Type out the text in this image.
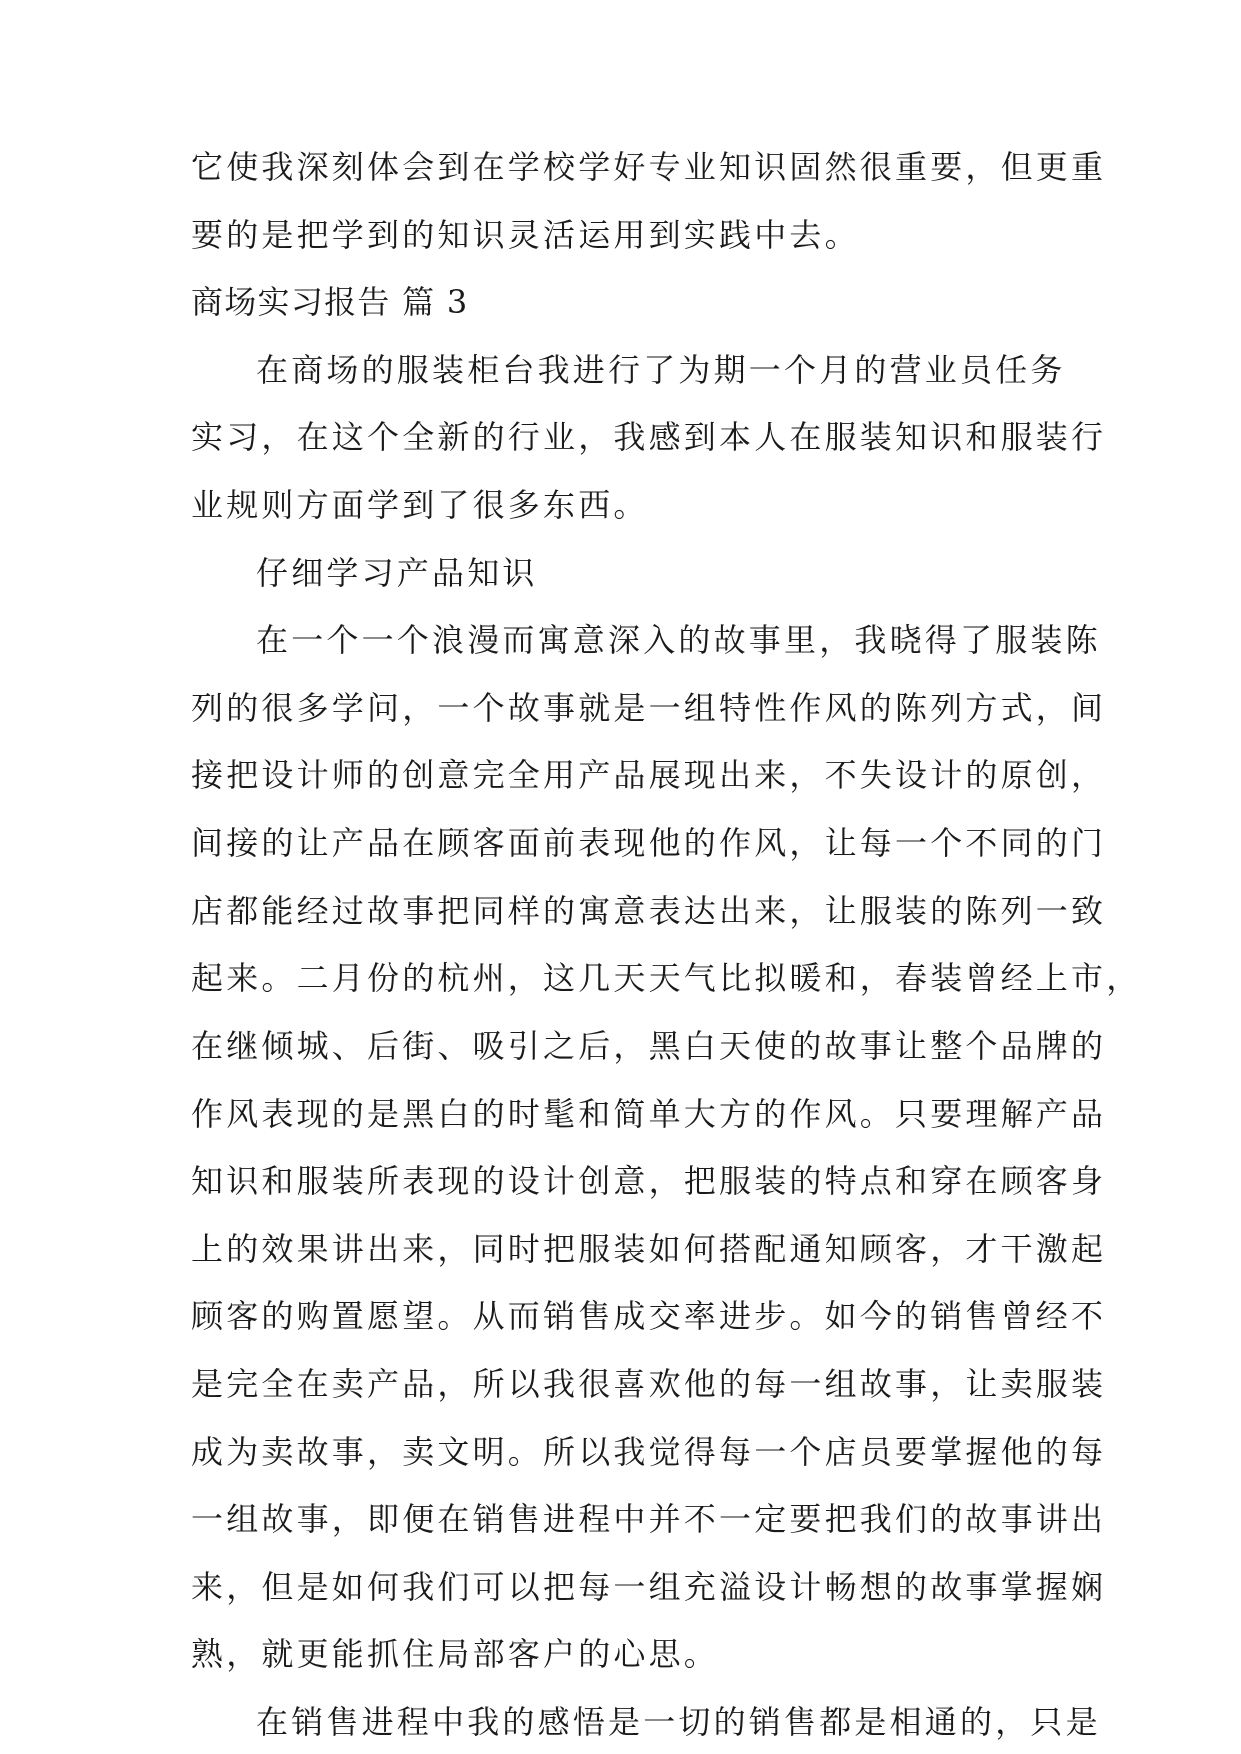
它使我深刻体会到在学校学好专业知识固然很重要，但更重
要的是把学到的知识灵活运用到实践中去。
商场实习报告 篇 3
在商场的服装柜台我进行了为期一个月的营业员任务
实习，在这个全新的行业，我感到本人在服装知识和服装行
业规则方面学到了很多东西。
仔细学习产品知识
在一个一个浪漫而寓意深入的故事里，我晓得了服装陈
列的很多学问，一个故事就是一组特性作风的陈列方式，间
接把设计师的创意完全用产品展现出来，不失设计的原创，
间接的让产品在顾客面前表现他的作风，让每一个不同的门
店都能经过故事把同样的寓意表达出来，让服装的陈列一致
起来。二月份的杭州，这几天天气比拟暖和，春装曾经上市，
在继倾城、后街、吸引之后，黑白天使的故事让整个品牌的
作风表现的是黑白的时髦和简单大方的作风。只要理解产品
知识和服装所表现的设计创意，把服装的特点和穿在顾客身
上的效果讲出来，同时把服装如何搭配通知顾客，才干激起
顾客的购置愿望。从而销售成交率进步。如今的销售曾经不
是完全在卖产品，所以我很喜欢他的每一组故事，让卖服装
成为卖故事，卖文明。所以我觉得每一个店员要掌握他的每
一组故事，即便在销售进程中并不一定要把我们的故事讲出
来，但是如何我们可以把每一组充溢设计畅想的故事掌握娴
熟，就更能抓住局部客户的心思。
在销售进程中我的感悟是一切的销售都是相通的，只是
